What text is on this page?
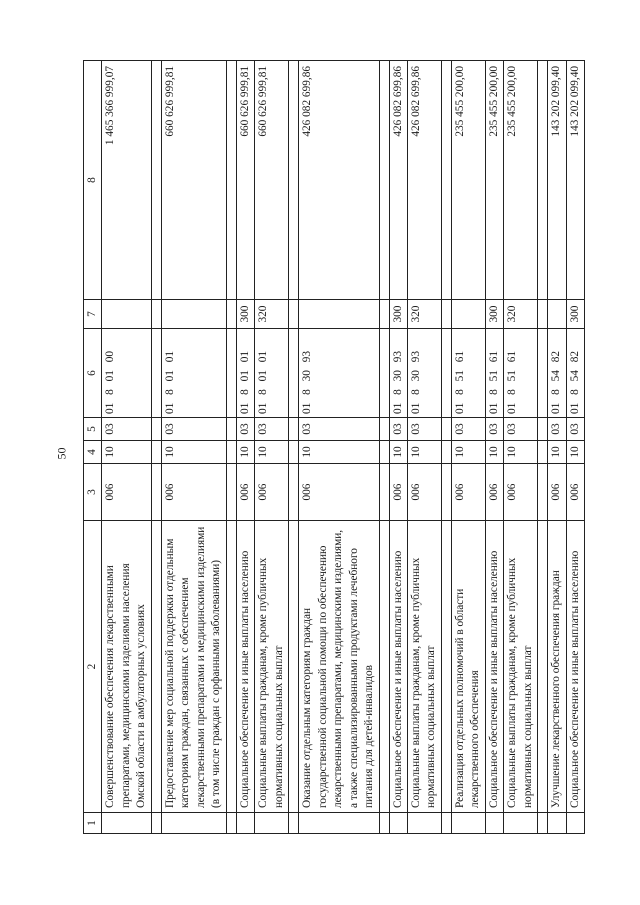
50
1	2	3	4	5	6	7	8
	Совершенствование обеспечения лекарственными препаратами, медицинскими изделиями населения Омской области в амбулаторных условиях	006	10	03	01 8 01 00		1 465 366 999,07

	Предоставление мер социальной поддержки отдельным категориям граждан, связанных с обеспечением лекарственными препаратами и медицинскими изделиями (в том числе граждан с орфанными заболеваниями)	006	10	03	01 8 01 01		660 626 999,81

	Социальное обеспечение и иные выплаты населению	006	10	03	01 8 01 01	300	660 626 999,81
	Социальные выплаты гражданам, кроме публичных нормативных социальных выплат	006	10	03	01 8 01 01	320	660 626 999,81

	Оказание отдельным категориям граждан государственной социальной помощи по обеспечению лекарственными препаратами, медицинскими изделиями, а также специализированными продуктами лечебного питания для детей-инвалидов	006	10	03	01 8 30 93		426 082 699,86

	Социальное обеспечение и иные выплаты населению	006	10	03	01 8 30 93	300	426 082 699,86
	Социальные выплаты гражданам, кроме публичных нормативных социальных выплат	006	10	03	01 8 30 93	320	426 082 699,86

	Реализация отдельных полномочий в области лекарственного обеспечения	006	10	03	01 8 51 61		235 455 200,00
	Социальное обеспечение и иные выплаты населению	006	10	03	01 8 51 61	300	235 455 200,00
	Социальные выплаты гражданам, кроме публичных нормативных социальных выплат	006	10	03	01 8 51 61	320	235 455 200,00

	Улучшение лекарственного обеспечения граждан	006	10	03	01 8 54 82		143 202 099,40
	Социальное обеспечение и иные выплаты населению	006	10	03	01 8 54 82	300	143 202 099,40
